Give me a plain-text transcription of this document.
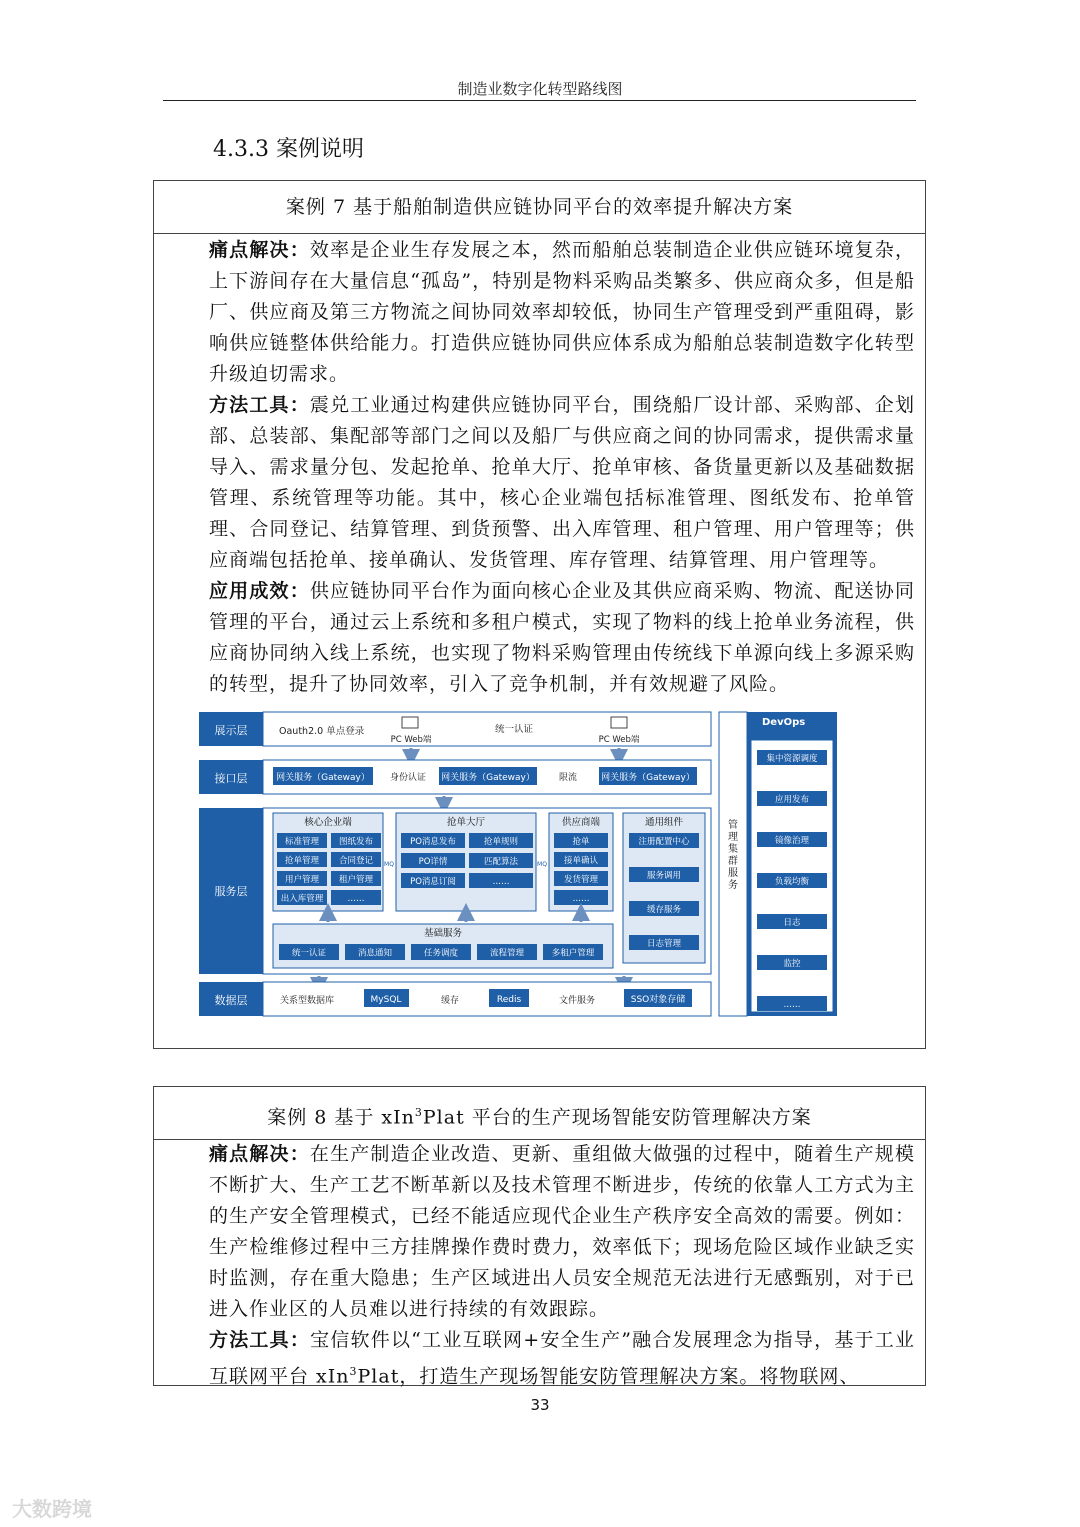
制造业数字化转型路线图
4.3.3 案例说明
案例 7 基于船舶制造供应链协同平台的效率提升解决方案
痛点解决：效率是企业生存发展之本，然而船舶总装制造企业供应链环境复杂，上下游间存在大量信息“孤岛”，特别是物料采购品类繁多、供应商众多，但是船厂、供应商及第三方物流之间协同效率却较低，协同生产管理受到严重阻碍，影响供应链整体供给能力。打造供应链协同供应体系成为船舶总装制造数字化转型升级迫切需求。
方法工具：震兑工业通过构建供应链协同平台，围绕船厂设计部、采购部、企划部、总装部、集配部等部门之间以及船厂与供应商之间的协同需求，提供需求量导入、需求量分包、发起抢单、抢单大厅、抢单审核、备货量更新以及基础数据管理、系统管理等功能。其中，核心企业端包括标准管理、图纸发布、抢单管理、合同登记、结算管理、到货预警、出入库管理、租户管理、用户管理等；供应商端包括抢单、接单确认、发货管理、库存管理、结算管理、用户管理等。
应用成效：供应链协同平台作为面向核心企业及其供应商采购、物流、配送协同管理的平台，通过云上系统和多租户模式，实现了物料的线上抢单业务流程，供应商协同纳入线上系统，也实现了物料采购管理由传统线下单源向线上多源采购的转型，提升了协同效率，引入了竞争机制，并有效规避了风险。
展示层	Oauth2.0 单点登录
PC Web端
统一认证
PC Web端
接口层	网关服务（Gateway） 身份认证 网关服务（Gateway）	限流	网关服务（Gateway）
服务层
核心企业端
标准管理 图纸发布
抢单管理 合同登记
用户管理 租户管理
出入库管理	……
抢单大厅
PO消息发布	抢单规则
PO详情	匹配算法
PO消息订阅	……
MQ	MQ
供应商端
抢单
接单确认
发货管理
……
通用组件
注册配置中心
服务调用
缓存服务
日志管理
基础服务
统一认证	消息通知	任务调度	流程管理	多租户管理
数据层	关系型数据库	MySQL	缓存	Redis	文件服务	SSO对象存储
管理集群服务
DevOps
集中资源调度
应用发布
镜像治理
负载均衡
日志
监控
……
案例 8 基于 xIn$^3$Plat 平台的生产现场智能安防管理解决方案
痛点解决：在生产制造企业改造、更新、重组做大做强的过程中，随着生产规模不断扩大、生产工艺不断革新以及技术管理不断进步，传统的依靠人工方式为主的生产安全管理模式，已经不能适应现代企业生产秩序安全高效的需要。例如：生产检维修过程中三方挂牌操作费时费力，效率低下；现场危险区域作业缺乏实时监测，存在重大隐患；生产区域进出人员安全规范无法进行无感甄别，对于已进入作业区的人员难以进行持续的有效跟踪。
方法工具：宝信软件以“工业互联网+安全生产”融合发展理念为指导，基于工业互联网平台 xIn$^3$Plat，打造生产现场智能安防管理解决方案。将物联网、
33
大数跨境
